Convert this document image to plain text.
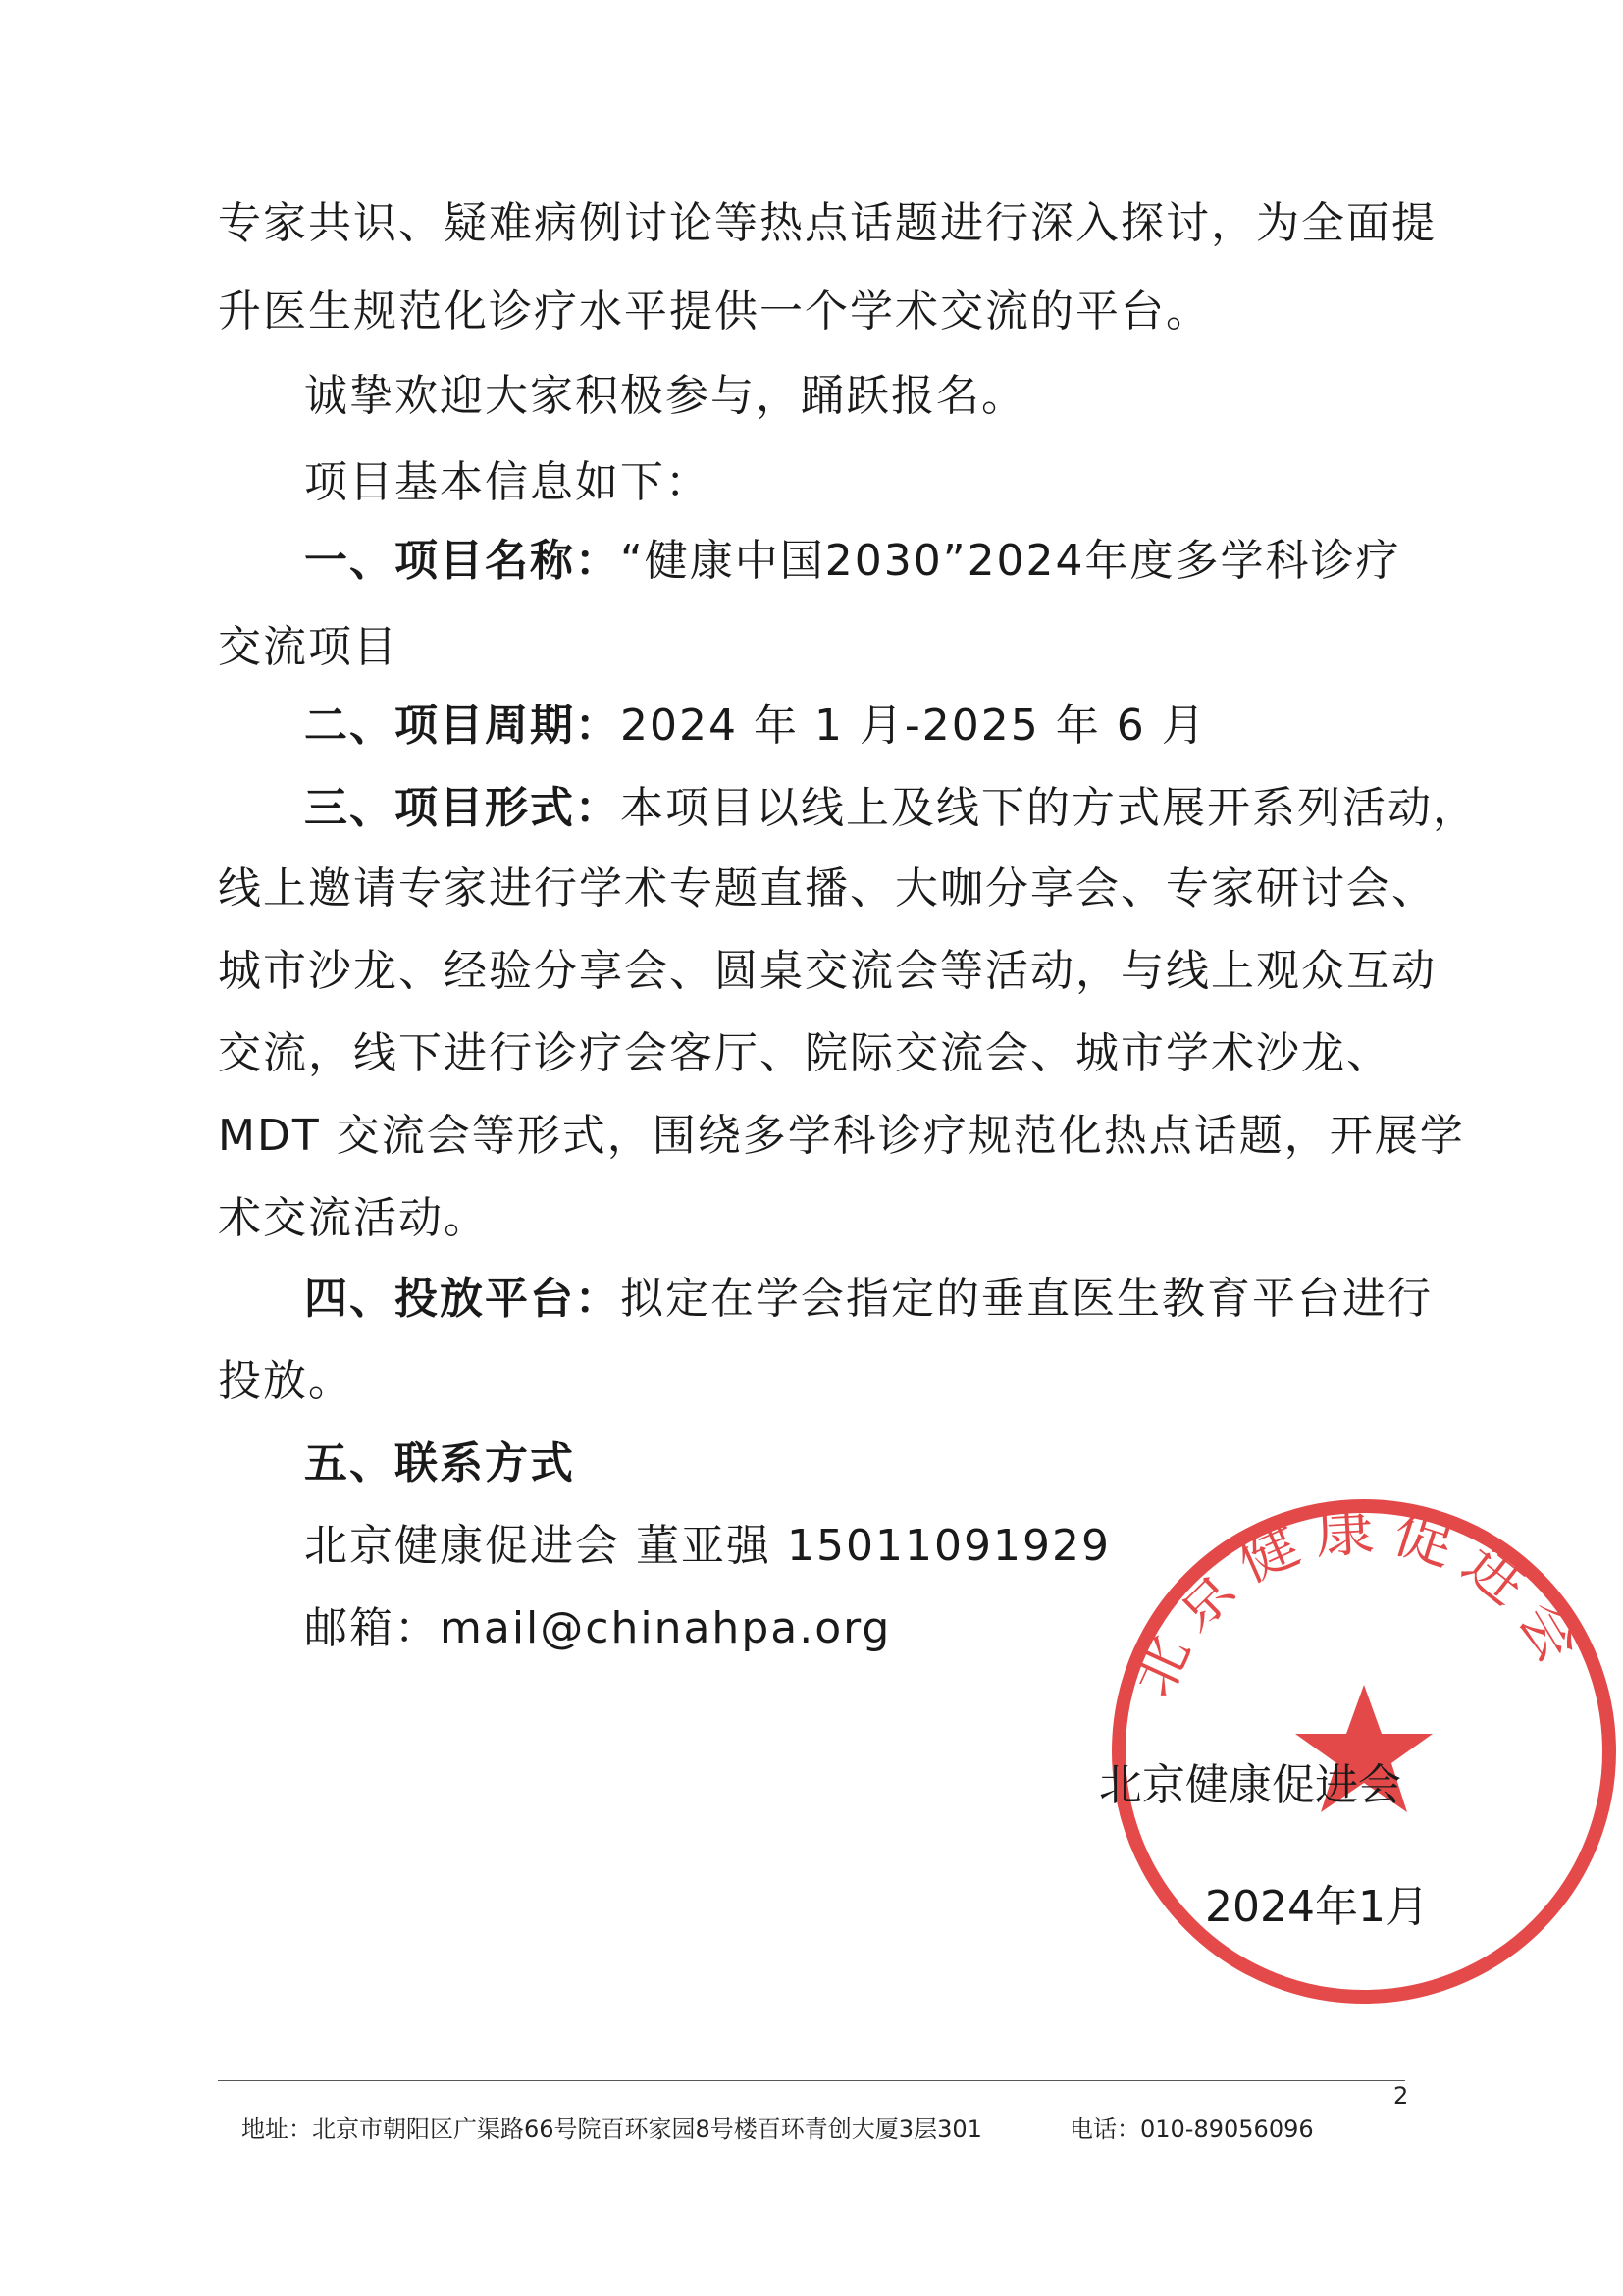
专家共识、疑难病例讨论等热点话题进行深入探讨，为全面提
升医生规范化诊疗水平提供一个学术交流的平台。
诚挚欢迎大家积极参与，踊跃报名。
项目基本信息如下：
一、项目名称：“健康中国2030”2024年度多学科诊疗
交流项目
二、项目周期：2024 年 1 月-2025 年 6 月
三、项目形式：本项目以线上及线下的方式展开系列活动，
线上邀请专家进行学术专题直播、大咖分享会、专家研讨会、
城市沙龙、经验分享会、圆桌交流会等活动，与线上观众互动
交流，线下进行诊疗会客厅、院际交流会、城市学术沙龙、
MDT 交流会等形式，围绕多学科诊疗规范化热点话题，开展学
术交流活动。
四、投放平台：拟定在学会指定的垂直医生教育平台进行
投放。
五、联系方式
北京健康促进会 董亚强 15011091929
邮箱：mail@chinahpa.org	北京健康促进会
北京健康促进会
2024年1月
2
地址：北京市朝阳区广渠路66号院百环家园8号楼百环青创大厦3层301	电话：010-89056096
